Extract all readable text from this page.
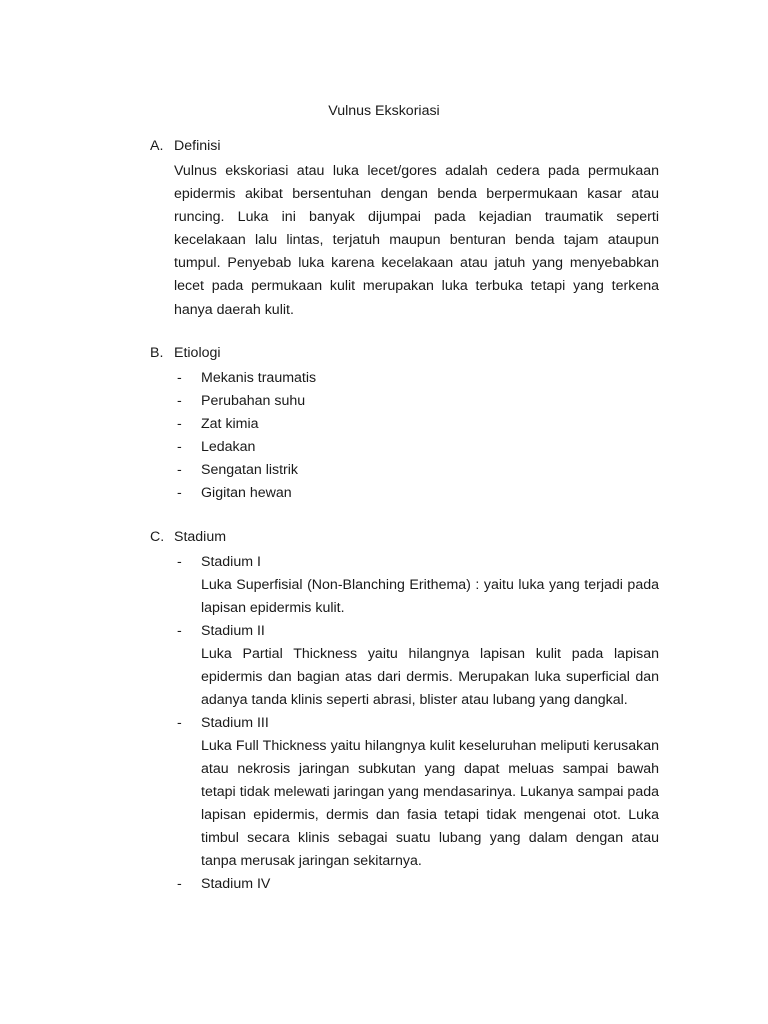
Vulnus Ekskoriasi
A. Definisi
Vulnus ekskoriasi atau luka lecet/gores adalah cedera pada permukaan epidermis akibat bersentuhan dengan benda berpermukaan kasar atau runcing. Luka ini banyak dijumpai pada kejadian traumatik seperti kecelakaan lalu lintas, terjatuh maupun benturan benda tajam ataupun tumpul. Penyebab luka karena kecelakaan atau jatuh yang menyebabkan lecet pada permukaan kulit merupakan luka terbuka tetapi yang terkena hanya daerah kulit.
B. Etiologi
- Mekanis traumatis
- Perubahan suhu
- Zat kimia
- Ledakan
- Sengatan listrik
- Gigitan hewan
C. Stadium
- Stadium I
Luka Superfisial (Non-Blanching Erithema) : yaitu luka yang terjadi pada lapisan epidermis kulit.
- Stadium II
Luka Partial Thickness yaitu hilangnya lapisan kulit pada lapisan epidermis dan bagian atas dari dermis. Merupakan luka superficial dan adanya tanda klinis seperti abrasi, blister atau lubang yang dangkal.
- Stadium III
Luka Full Thickness yaitu hilangnya kulit keseluruhan meliputi kerusakan atau nekrosis jaringan subkutan yang dapat meluas sampai bawah tetapi tidak melewati jaringan yang mendasarinya. Lukanya sampai pada lapisan epidermis, dermis dan fasia tetapi tidak mengenai otot. Luka timbul secara klinis sebagai suatu lubang yang dalam dengan atau tanpa merusak jaringan sekitarnya.
- Stadium IV
